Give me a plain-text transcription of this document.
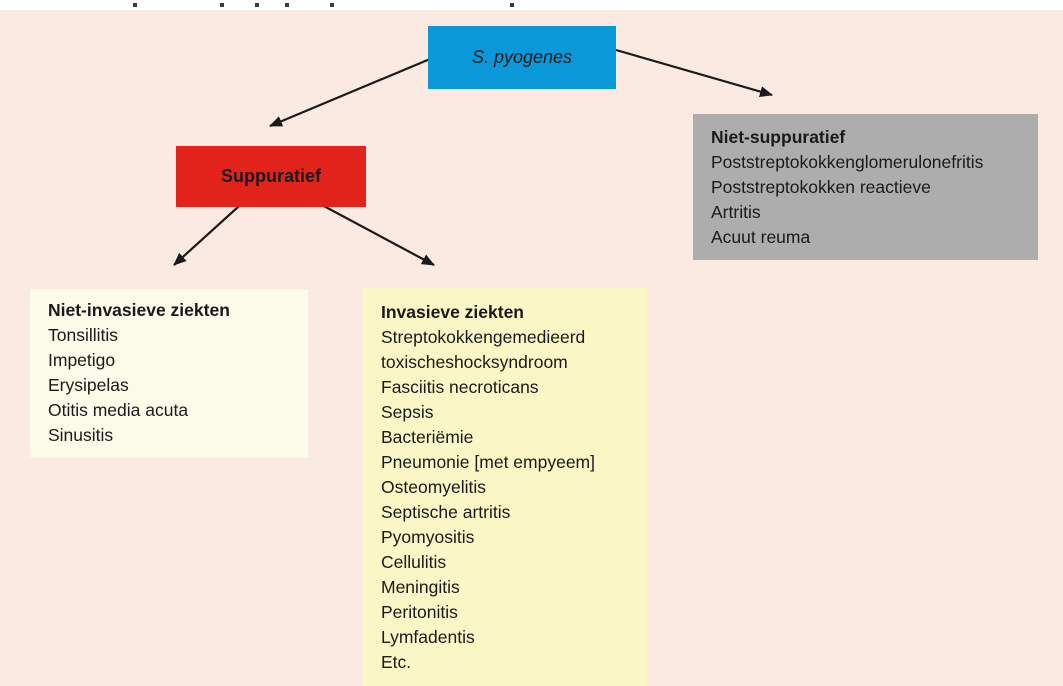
S. pyogenes
Suppuratief
Niet-suppuratief
Poststreptokokkenglomerulonefritis
Poststreptokokken reactieve
Artritis
Acuut reuma
Niet-invasieve ziekten
Tonsillitis
Impetigo
Erysipelas
Otitis media acuta
Sinusitis
Invasieve ziekten
Streptokokkengemedieerd
toxischeshocksyndroom
Fasciitis necroticans
Sepsis
Bacteriëmie
Pneumonie [met empyeem]
Osteomyelitis
Septische artritis
Pyomyositis
Cellulitis
Meningitis
Peritonitis
Lymfadentis
Etc.
